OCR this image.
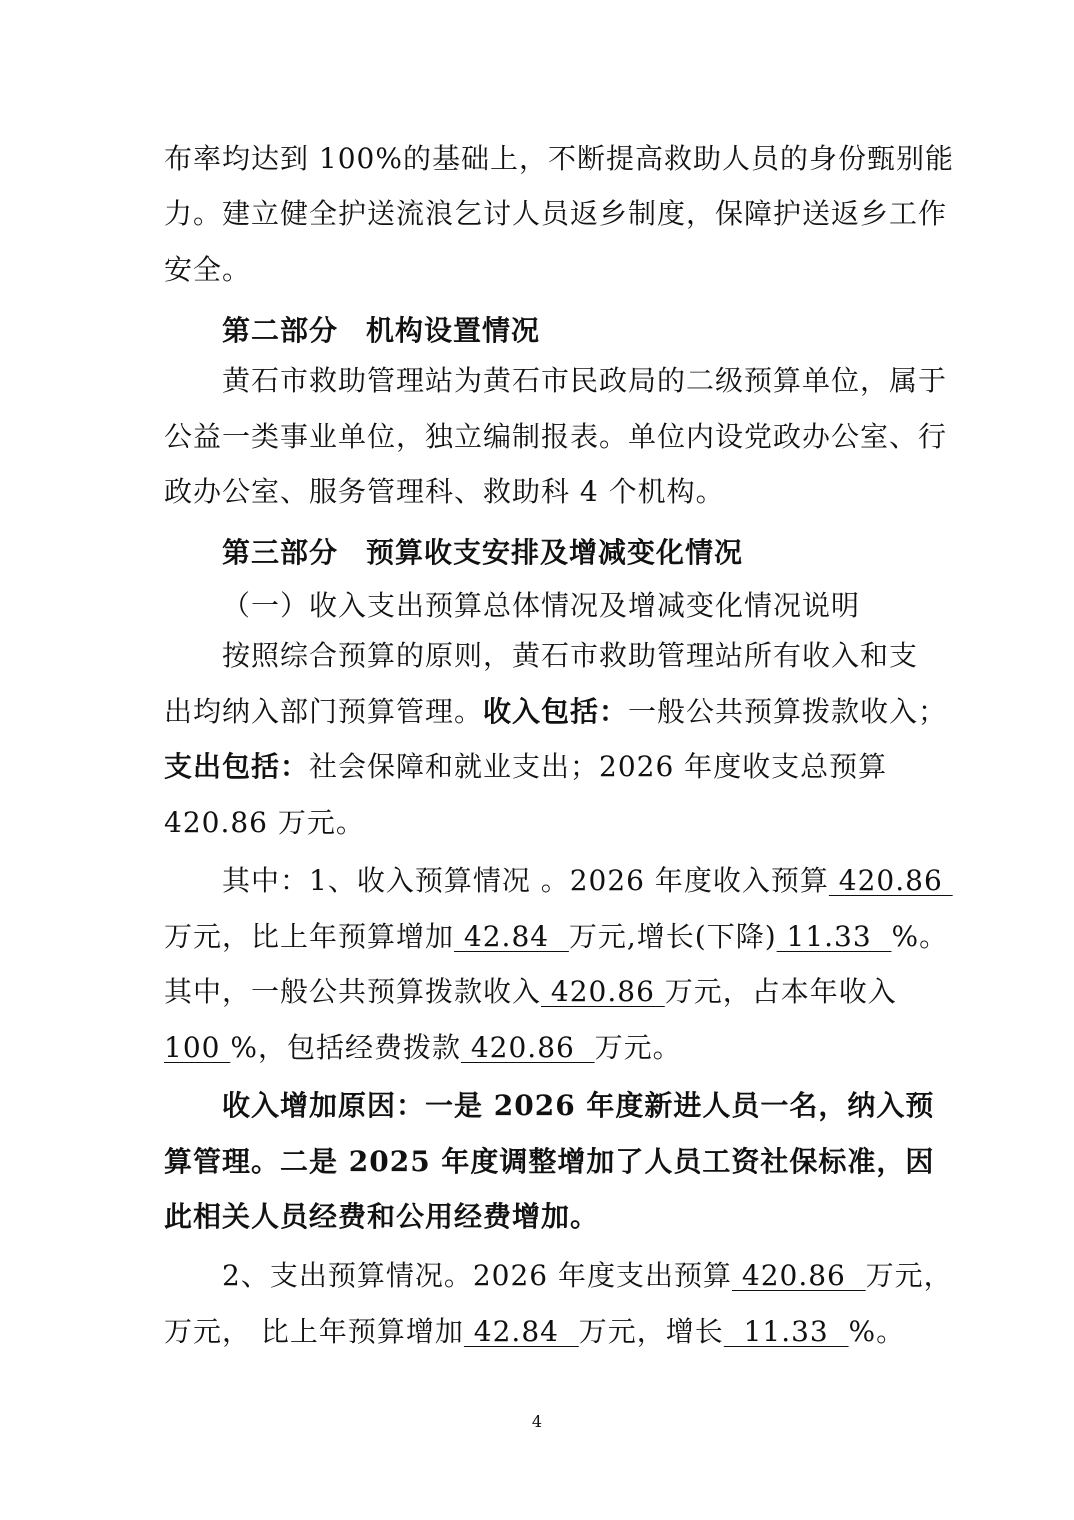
布率均达到 100%的基础上，不断提高救助人员的身份甄别能
力。建立健全护送流浪乞讨人员返乡制度，保障护送返乡工作
安全。
第二部分 机构设置情况
黄石市救助管理站为黄石市民政局的二级预算单位，属于
公益一类事业单位，独立编制报表。单位内设党政办公室、行
政办公室、服务管理科、救助科 4 个机构。
第三部分 预算收支安排及增减变化情况
（一）收入支出预算总体情况及增减变化情况说明
按照综合预算的原则，黄石市救助管理站所有收入和支
出均纳入部门预算管理。收入包括：一般公共预算拨款收入；
支出包括：社会保障和就业支出；2026 年度收支总预算
420.86 万元。
其中：1、收入预算情况 。2026 年度收入预算 420.86
万元，比上年预算增加 42.84  万元,增长(下降) 11.33  %。
其中，一般公共预算拨款收入 420.86 万元，占本年收入
100 %，包括经费拨款 420.86  万元。
收入增加原因：一是 2026 年度新进人员一名，纳入预
算管理。二是 2025 年度调整增加了人员工资社保标准，因
此相关人员经费和公用经费增加。
2、支出预算情况。2026 年度支出预算 420.86  万元，
万元， 比上年预算增加 42.84  万元，增长  11.33  %。
4
